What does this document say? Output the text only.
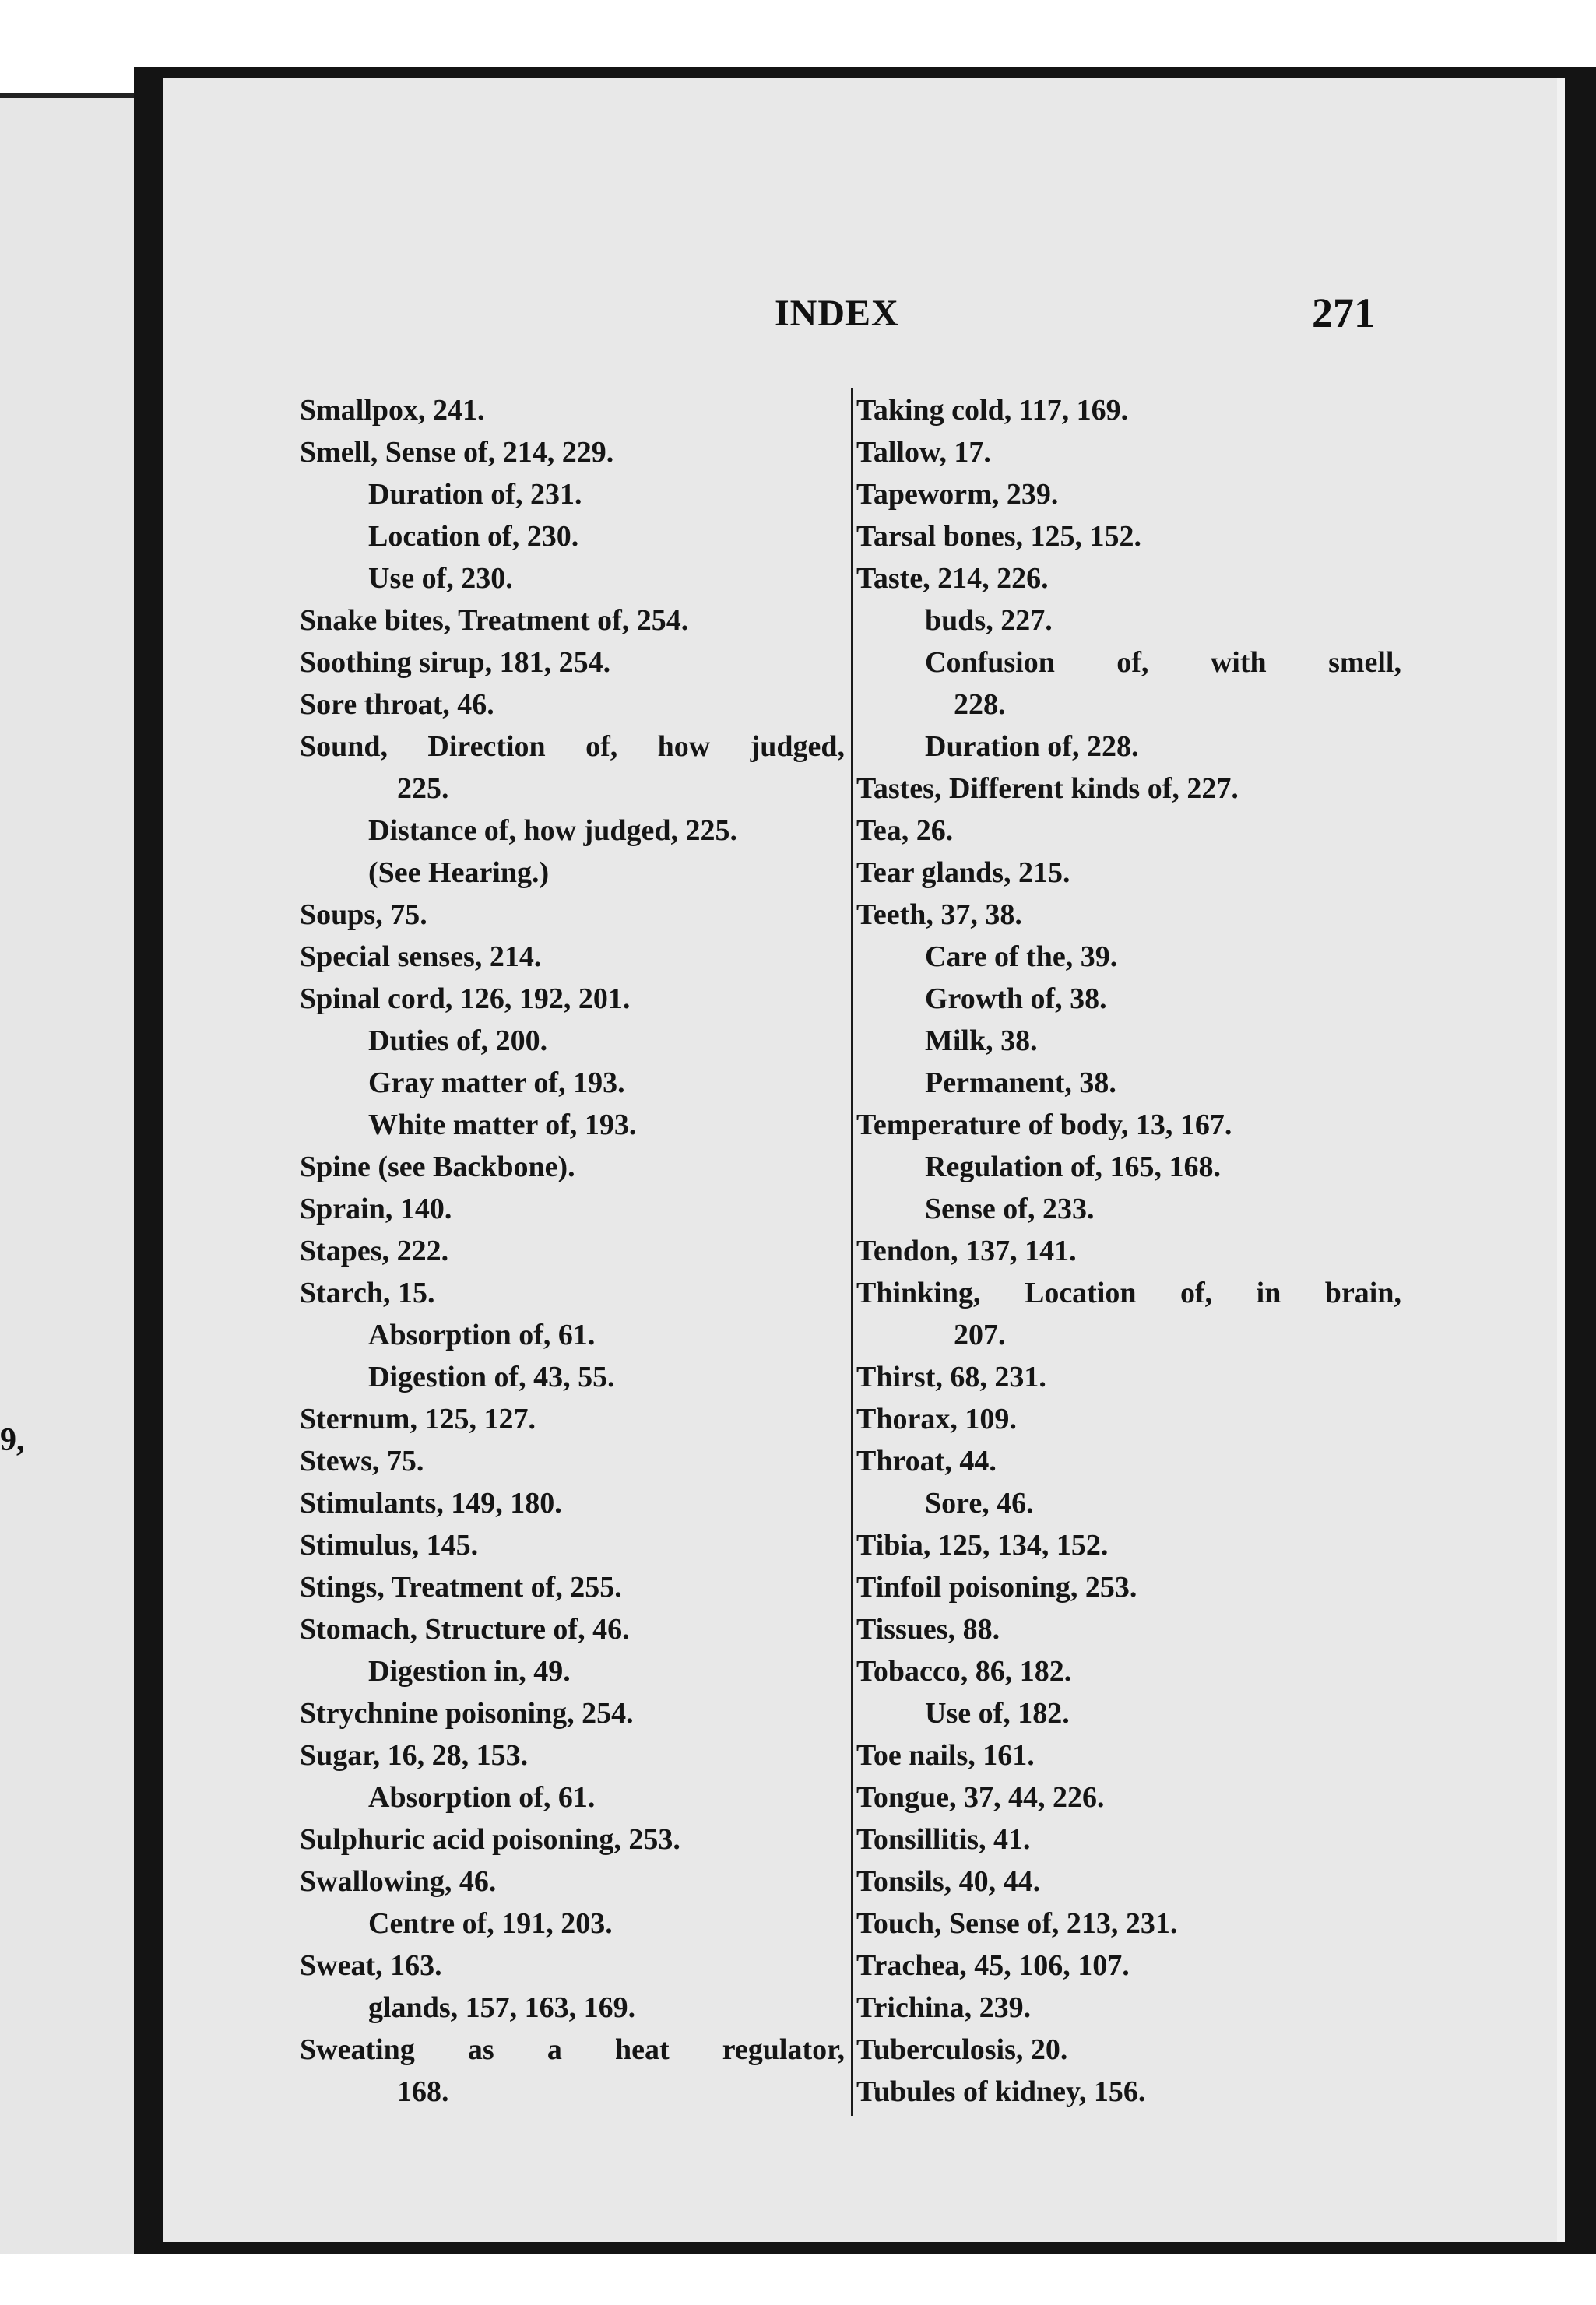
9,
INDEX	271
Smallpox, 241.
Smell, Sense of, 214, 229.
Duration of, 231.
Location of, 230.
Use of, 230.
Snake bites, Treatment of, 254.
Soothing sirup, 181, 254.
Sore throat, 46.
Sound, Direction of, how judged,
225.
Distance of, how judged, 225.
(See Hearing.)
Soups, 75.
Special senses, 214.
Spinal cord, 126, 192, 201.
Duties of, 200.
Gray matter of, 193.
White matter of, 193.
Spine (see Backbone).
Sprain, 140.
Stapes, 222.
Starch, 15.
Absorption of, 61.
Digestion of, 43, 55.
Sternum, 125, 127.
Stews, 75.
Stimulants, 149, 180.
Stimulus, 145.
Stings, Treatment of, 255.
Stomach, Structure of, 46.
Digestion in, 49.
Strychnine poisoning, 254.
Sugar, 16, 28, 153.
Absorption of, 61.
Sulphuric acid poisoning, 253.
Swallowing, 46.
Centre of, 191, 203.
Sweat, 163.
glands, 157, 163, 169.
Sweating as a heat regulator,
168.
Taking cold, 117, 169.
Tallow, 17.
Tapeworm, 239.
Tarsal bones, 125, 152.
Taste, 214, 226.
buds, 227.
Confusion of, with smell,
228.
Duration of, 228.
Tastes, Different kinds of, 227.
Tea, 26.
Tear glands, 215.
Teeth, 37, 38.
Care of the, 39.
Growth of, 38.
Milk, 38.
Permanent, 38.
Temperature of body, 13, 167.
Regulation of, 165, 168.
Sense of, 233.
Tendon, 137, 141.
Thinking, Location of, in brain,
207.
Thirst, 68, 231.
Thorax, 109.
Throat, 44.
Sore, 46.
Tibia, 125, 134, 152.
Tinfoil poisoning, 253.
Tissues, 88.
Tobacco, 86, 182.
Use of, 182.
Toe nails, 161.
Tongue, 37, 44, 226.
Tonsillitis, 41.
Tonsils, 40, 44.
Touch, Sense of, 213, 231.
Trachea, 45, 106, 107.
Trichina, 239.
Tuberculosis, 20.
Tubules of kidney, 156.
